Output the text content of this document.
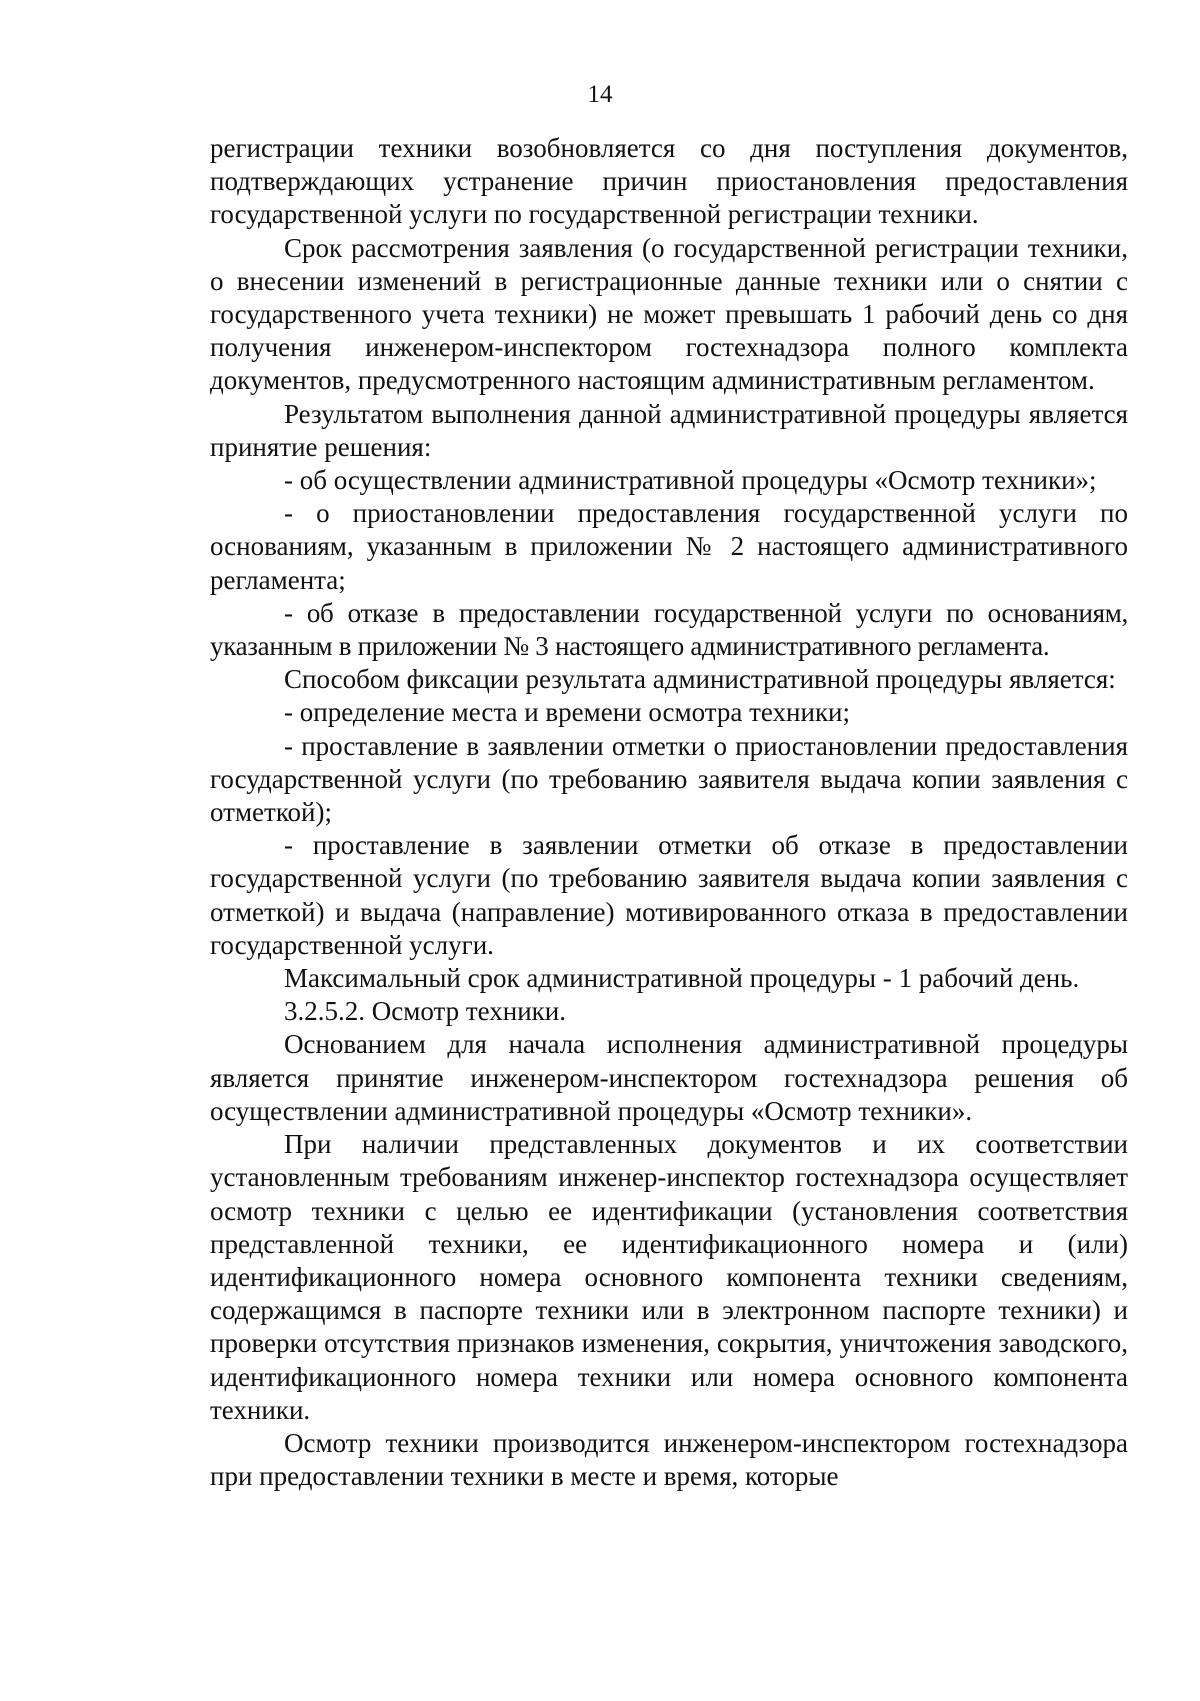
14

регистрации техники возобновляется со дня поступления документов, подтверждающих устранение причин приостановления предоставления государственной услуги по государственной регистрации техники.

Срок рассмотрения заявления (о государственной регистрации техники, о внесении изменений в регистрационные данные техники или о снятии с государственного учета техники) не может превышать 1 рабочий день со дня получения инженером-инспектором гостехнадзора полного комплекта документов, предусмотренного настоящим административным регламентом.

Результатом выполнения данной административной процедуры является принятие решения:

- об осуществлении административной процедуры «Осмотр техники»;

- о приостановлении предоставления государственной услуги по основаниям, указанным в приложении № 2 настоящего административного регламента;

- об отказе в предоставлении государственной услуги по основаниям, указанным в приложении № 3 настоящего административного регламента.

Способом фиксации результата административной процедуры является:

- определение места и времени осмотра техники;

- проставление в заявлении отметки о приостановлении предоставления государственной услуги (по требованию заявителя выдача копии заявления с отметкой);

- проставление в заявлении отметки об отказе в предоставлении государственной услуги (по требованию заявителя выдача копии заявления с отметкой) и выдача (направление) мотивированного отказа в предоставлении государственной услуги.

Максимальный срок административной процедуры - 1 рабочий день.

3.2.5.2. Осмотр техники.

Основанием для начала исполнения административной процедуры является принятие инженером-инспектором гостехнадзора решения об осуществлении административной процедуры «Осмотр техники».

При наличии представленных документов и их соответствии установленным требованиям инженер-инспектор гостехнадзора осуществляет осмотр техники с целью ее идентификации (установления соответствия представленной техники, ее идентификационного номера и (или) идентификационного номера основного компонента техники сведениям, содержащимся в паспорте техники или в электронном паспорте техники) и проверки отсутствия признаков изменения, сокрытия, уничтожения заводского, идентификационного номера техники или номера основного компонента техники.

Осмотр техники производится инженером-инспектором гостехнадзора при предоставлении техники в месте и время, которые
